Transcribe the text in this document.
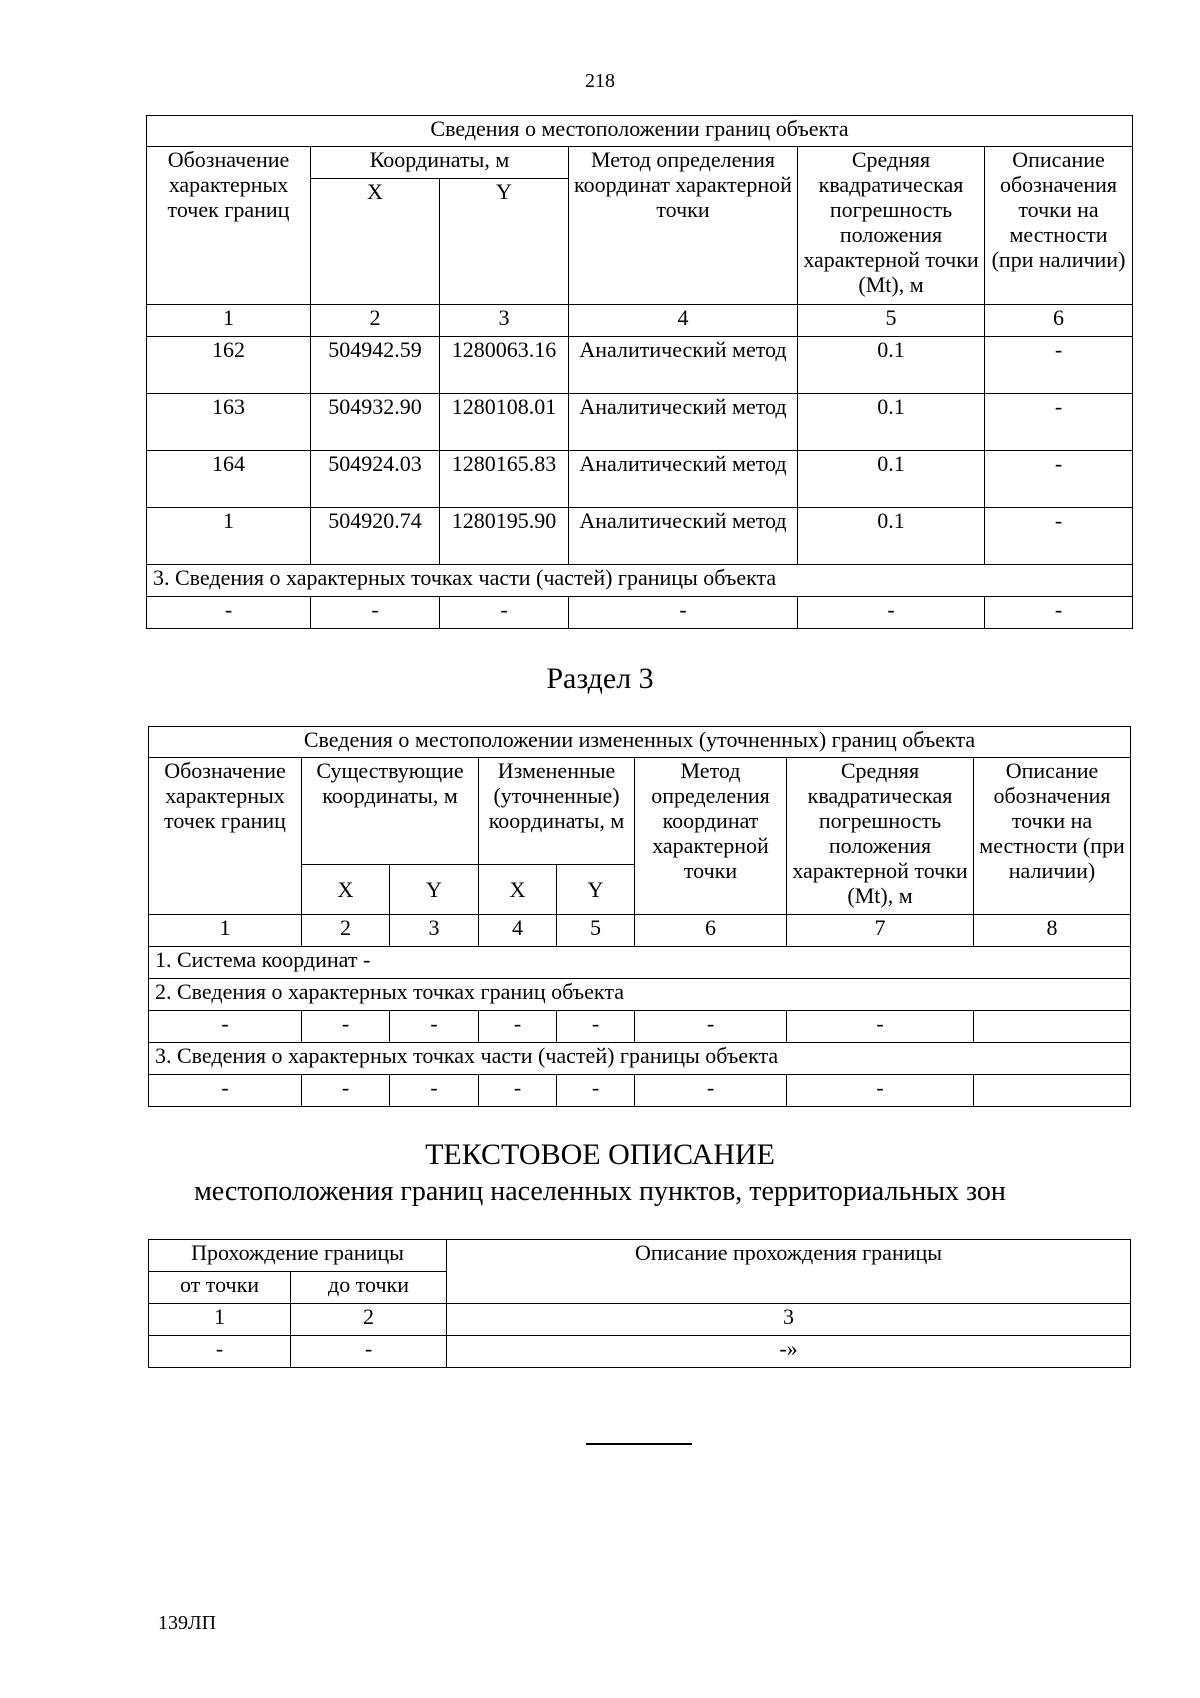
218
Сведения о местоположении границ объекта					
Обозначение характерных точек границ	Координаты, м		Метод определения координат характерной точки	Средняя квадратическая погрешность положения характерной точки (Mt), м	Описание обозначения точки на местности (при наличии)
	X	Y			
1	2	3	4	5	6
162	504942.59	1280063.16	Аналитический метод	0.1	-
163	504932.90	1280108.01	Аналитический метод	0.1	-
164	504924.03	1280165.83	Аналитический метод	0.1	-
1	504920.74	1280195.90	Аналитический метод	0.1	-
3. Сведения о характерных точках части (частей) границы объекта					
-	-	-	-	-	-
Раздел 3
Сведения о местоположении измененных (уточненных) границ объекта							
Обозначение характерных точек границ	Существующие координаты, м		Измененные (уточненные) координаты, м		Метод определения координат характерной точки	Средняя квадратическая погрешность положения характерной точки (Mt), м	Описание обозначения точки на местности (при наличии)
	X	Y	X	Y			
1	2	3	4	5	6	7	8
1. Система координат -							
2. Сведения о характерных точках границ объекта							
-	-	-	-	-	-	-	
3. Сведения о характерных точках части (частей) границы объекта							
-	-	-	-	-	-	-	
ТЕКСТОВОЕ ОПИСАНИЕ
местоположения границ населенных пунктов, территориальных зон
Прохождение границы		Описание прохождения границы
от точки	до точки	
1	2	3
-	-	-»
139ЛП
